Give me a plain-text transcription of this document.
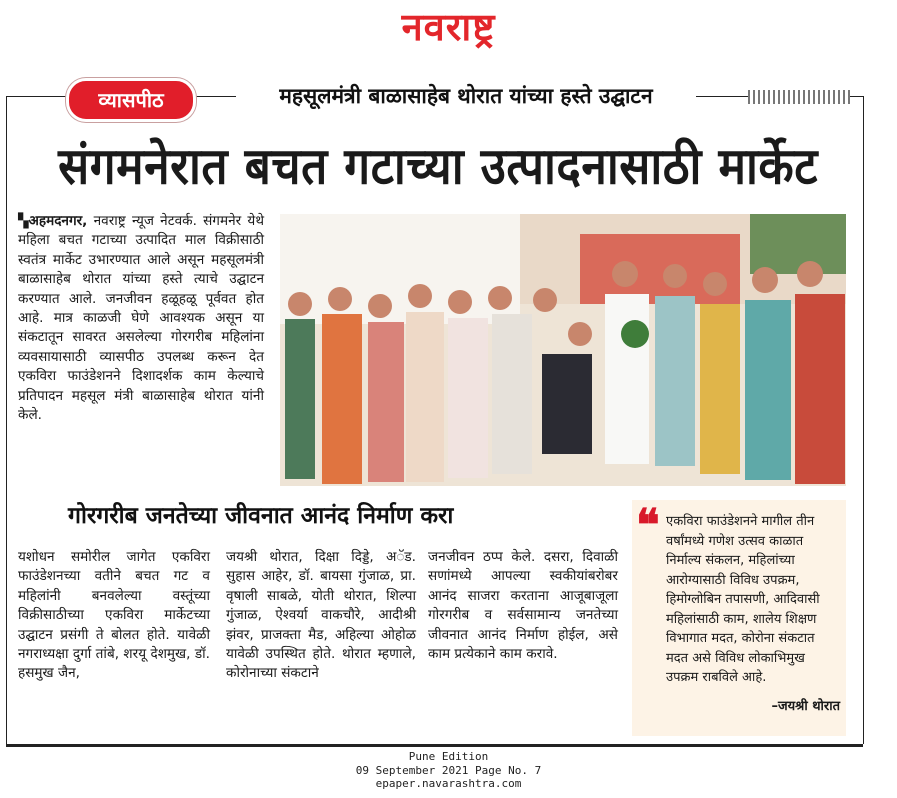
नवराष्ट्र
व्यासपीठ	महसूलमंत्री बाळासाहेब थोरात यांच्या हस्ते उद्घाटन
संगमनेरात बचत गटाच्या उत्पादनासाठी मार्केट
▚अहमदनगर, नवराष्ट्र न्यूज नेटवर्क. संगमनेर येथे महिला बचत गटाच्या उत्पादित माल विक्रीसाठी स्वतंत्र मार्केट उभारण्यात आले असून महसूलमंत्री बाळासाहेब थोरात यांच्या हस्ते त्याचे उद्घाटन करण्यात आले. जनजीवन हळूहळू पूर्ववत होत आहे. मात्र काळजी घेणे आवश्यक असून या संकटातून सावरत असलेल्या गोरगरीब महिलांना व्यवसायासाठी व्यासपीठ उपलब्ध करून देत एकविरा फाउंडेशनने दिशादर्शक काम केल्याचे प्रतिपादन महसूल मंत्री बाळासाहेब थोरात यांनी केले.
गोरगरीब जनतेच्या जीवनात आनंद निर्माण करा
यशोधन समोरील जागेत एकविरा फाउंडेशनच्या वतीने बचत गट व महिलांनी बनवलेल्या वस्तूंच्या विक्रीसाठीच्या एकविरा मार्केटच्या उद्घाटन प्रसंगी ते बोलत होते. यावेळी नगराध्यक्षा दुर्गा तांबे, शरयू देशमुख, डॉ. हसमुख जैन,
जयश्री थोरात, दिक्षा दिड्डे, अॅड. सुहास आहेर, डॉ. बायसा गुंजाळ, प्रा. वृषाली साबळे, योती थोरात, शिल्पा गुंजाळ, ऐश्वर्या वाकचौरे, आदीश्री झंवर, प्राजक्ता मैड, अहिल्या ओहोळ यावेळी उपस्थित होते. थोरात म्हणाले, कोरोनाच्या संकटाने
जनजीवन ठप्प केले. दसरा, दिवाळी सणांमध्ये आपल्या स्वकीयांबरोबर आनंद साजरा करताना आजूबाजूला गोरगरीब व सर्वसामान्य जनतेच्या जीवनात आनंद निर्माण होईल, असे काम प्रत्येकाने काम करावे.
❝ एकविरा फाउंडेशनने मागील तीन वर्षांमध्ये गणेश उत्सव काळात निर्माल्य संकलन, महिलांच्या आरोग्यासाठी विविध उपक्रम, हिमोग्लोबिन तपासणी, आदिवासी महिलांसाठी काम, शालेय शिक्षण विभागात मदत, कोरोना संकटात मदत असे विविध लोकाभिमुख उपक्रम राबविले आहे.
–जयश्री थोरात
Pune Edition
09 September 2021 Page No. 7
epaper.navarashtra.com
